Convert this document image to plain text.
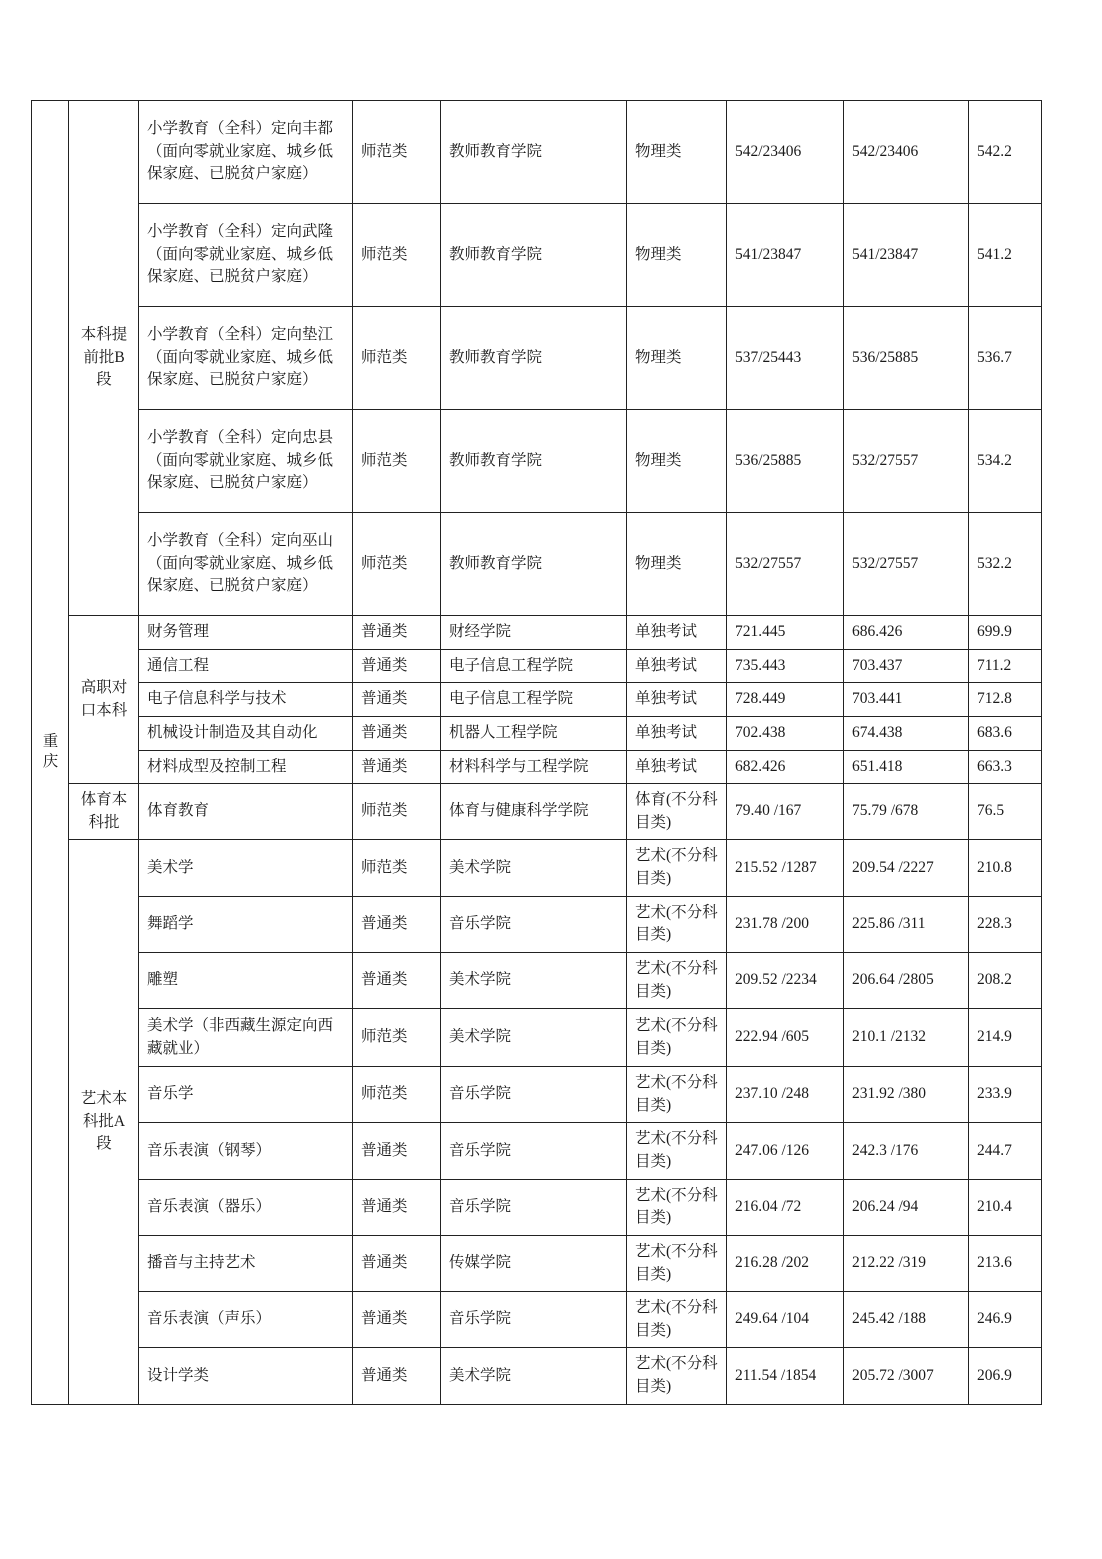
重庆	本科提前批B段	小学教育（全科）定向丰都（面向零就业家庭、城乡低保家庭、已脱贫户家庭）	师范类	教师教育学院	物理类	542/23406	542/23406	542.2
		小学教育（全科）定向武隆（面向零就业家庭、城乡低保家庭、已脱贫户家庭）	师范类	教师教育学院	物理类	541/23847	541/23847	541.2
		小学教育（全科）定向垫江（面向零就业家庭、城乡低保家庭、已脱贫户家庭）	师范类	教师教育学院	物理类	537/25443	536/25885	536.7
		小学教育（全科）定向忠县（面向零就业家庭、城乡低保家庭、已脱贫户家庭）	师范类	教师教育学院	物理类	536/25885	532/27557	534.2
		小学教育（全科）定向巫山（面向零就业家庭、城乡低保家庭、已脱贫户家庭）	师范类	教师教育学院	物理类	532/27557	532/27557	532.2
	高职对口本科	财务管理	普通类	财经学院	单独考试	721.445	686.426	699.9
		通信工程	普通类	电子信息工程学院	单独考试	735.443	703.437	711.2
		电子信息科学与技术	普通类	电子信息工程学院	单独考试	728.449	703.441	712.8
		机械设计制造及其自动化	普通类	机器人工程学院	单独考试	702.438	674.438	683.6
		材料成型及控制工程	普通类	材料科学与工程学院	单独考试	682.426	651.418	663.3
	体育本科批	体育教育	师范类	体育与健康科学学院	体育(不分科目类)	79.40 /167	75.79 /678	76.5
	艺术本科批A段	美术学	师范类	美术学院	艺术(不分科目类)	215.52 /1287	209.54 /2227	210.8
		舞蹈学	普通类	音乐学院	艺术(不分科目类)	231.78 /200	225.86 /311	228.3
		雕塑	普通类	美术学院	艺术(不分科目类)	209.52 /2234	206.64 /2805	208.2
		美术学（非西藏生源定向西藏就业）	师范类	美术学院	艺术(不分科目类)	222.94 /605	210.1 /2132	214.9
		音乐学	师范类	音乐学院	艺术(不分科目类)	237.10 /248	231.92 /380	233.9
		音乐表演（钢琴）	普通类	音乐学院	艺术(不分科目类)	247.06 /126	242.3 /176	244.7
		音乐表演（器乐）	普通类	音乐学院	艺术(不分科目类)	216.04 /72	206.24 /94	210.4
		播音与主持艺术	普通类	传媒学院	艺术(不分科目类)	216.28 /202	212.22 /319	213.6
		音乐表演（声乐）	普通类	音乐学院	艺术(不分科目类)	249.64 /104	245.42 /188	246.9
		设计学类	普通类	美术学院	艺术(不分科目类)	211.54 /1854	205.72 /3007	206.9
